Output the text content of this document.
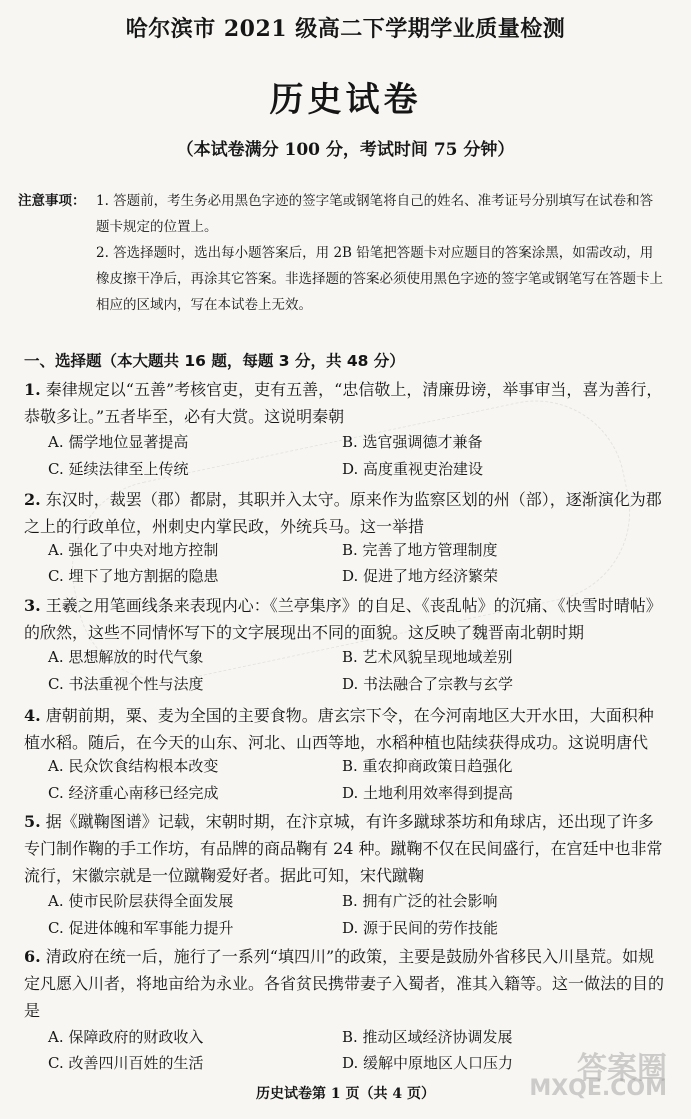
哈尔滨市 2021 级高二下学期学业质量检测
历史试卷
（本试卷满分 100 分，考试时间 75 分钟）
注意事项： 1. 答题前，考生务必用黑色字迹的签字笔或钢笔将自己的姓名、准考证号分别填写在试卷和答题卡规定的位置上。
2. 答选择题时，选出每小题答案后，用 2B 铅笔把答题卡对应题目的答案涂黑，如需改动，用橡皮擦干净后，再涂其它答案。非选择题的答案必须使用黑色字迹的签字笔或钢笔写在答题卡上相应的区域内，写在本试卷上无效。
一、选择题（本大题共 16 题，每题 3 分，共 48 分）
1. 秦律规定以“五善”考核官吏，吏有五善，“忠信敬上，清廉毋谤，举事审当，喜为善行，恭敬多让。”五者毕至，必有大赏。这说明秦朝
A. 儒学地位显著提高	B. 选官强调德才兼备
C. 延续法律至上传统	D. 高度重视吏治建设
2. 东汉时，裁罢（郡）都尉，其职并入太守。原来作为监察区划的州（部），逐渐演化为郡之上的行政单位，州刺史内掌民政，外统兵马。这一举措
A. 强化了中央对地方控制	B. 完善了地方管理制度
C. 埋下了地方割据的隐患	D. 促进了地方经济繁荣
3. 王羲之用笔画线条来表现内心：《兰亭集序》的自足、《丧乱帖》的沉痛、《快雪时晴帖》的欣然，这些不同情怀写下的文字展现出不同的面貌。这反映了魏晋南北朝时期
A. 思想解放的时代气象	B. 艺术风貌呈现地域差别
C. 书法重视个性与法度	D. 书法融合了宗教与玄学
4. 唐朝前期，粟、麦为全国的主要食物。唐玄宗下令，在今河南地区大开水田，大面积种植水稻。随后，在今天的山东、河北、山西等地，水稻种植也陆续获得成功。这说明唐代
A. 民众饮食结构根本改变	B. 重农抑商政策日趋强化
C. 经济重心南移已经完成	D. 土地利用效率得到提高
5. 据《蹴鞠图谱》记载，宋朝时期，在汴京城，有许多蹴球茶坊和角球店，还出现了许多专门制作鞠的手工作坊，有品牌的商品鞠有 24 种。蹴鞠不仅在民间盛行，在宫廷中也非常流行，宋徽宗就是一位蹴鞠爱好者。据此可知，宋代蹴鞠
A. 使市民阶层获得全面发展	B. 拥有广泛的社会影响
C. 促进体魄和军事能力提升	D. 源于民间的劳作技能
6. 清政府在统一后，施行了一系列“填四川”的政策，主要是鼓励外省移民入川垦荒。如规定凡愿入川者，将地亩给为永业。各省贫民携带妻子入蜀者，准其入籍等。这一做法的目的是
A. 保障政府的财政收入	B. 推动区域经济协调发展
C. 改善四川百姓的生活	D. 缓解中原地区人口压力
历史试卷第 1 页（共 4 页）
答案圈
MXQE.COM
